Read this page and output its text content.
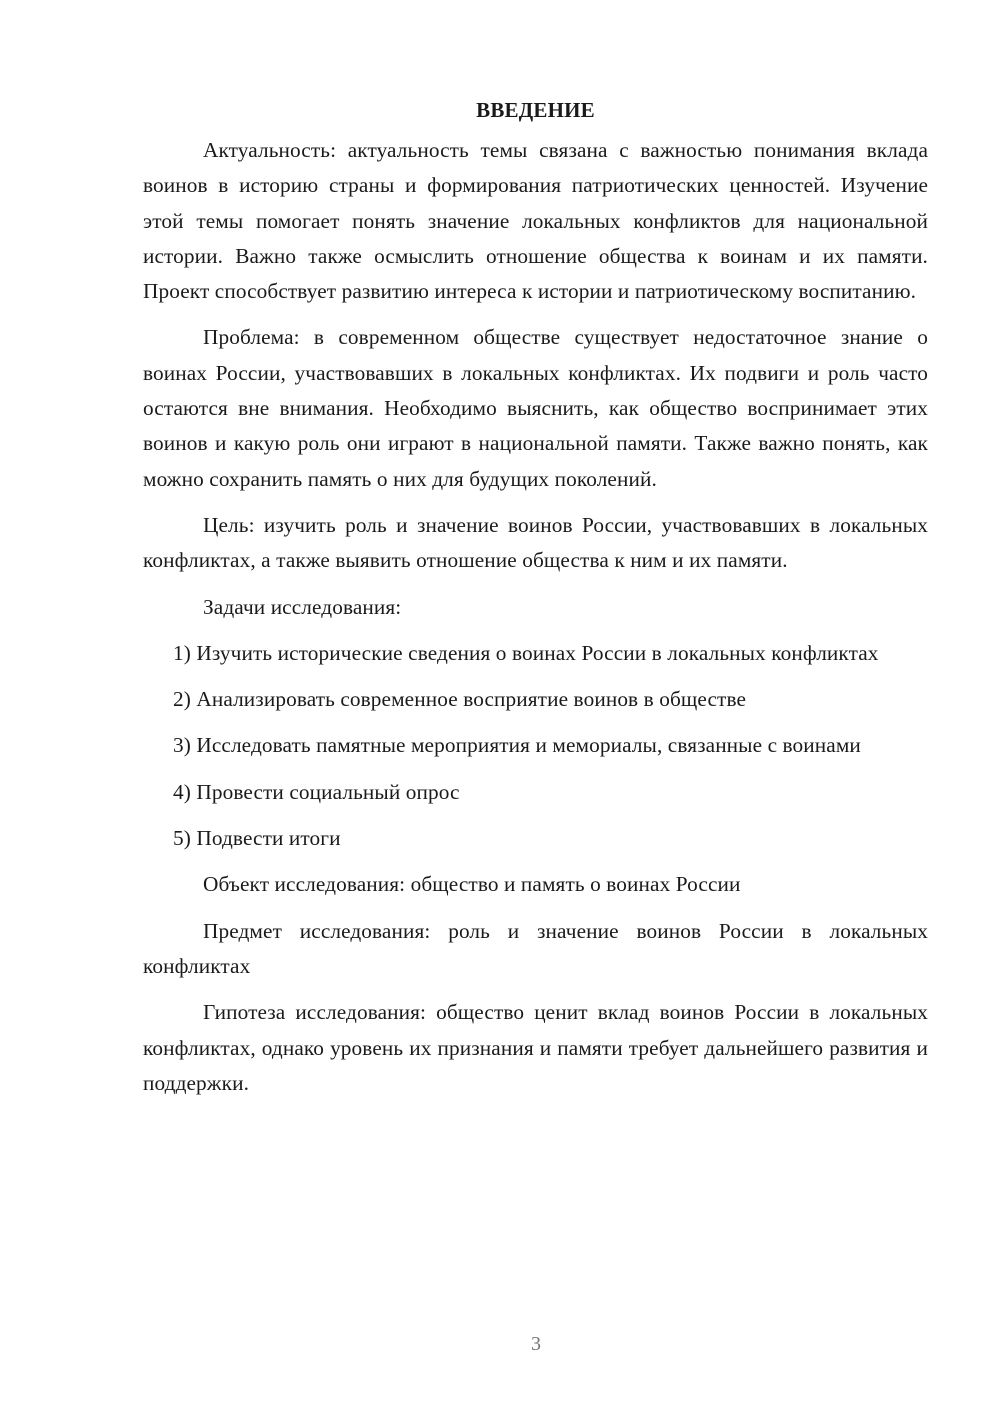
ВВЕДЕНИЕ

Актуальность: актуальность темы связана с важностью понимания вклада воинов в историю страны и формирования патриотических ценностей. Изучение этой темы помогает понять значение локальных конфликтов для национальной истории. Важно также осмыслить отношение общества к воинам и их памяти. Проект способствует развитию интереса к истории и патриотическому воспитанию.

Проблема: в современном обществе существует недостаточное знание о воинах России, участвовавших в локальных конфликтах. Их подвиги и роль часто остаются вне внимания. Необходимо выяснить, как общество воспринимает этих воинов и какую роль они играют в национальной памяти. Также важно понять, как можно сохранить память о них для будущих поколений.

Цель: изучить роль и значение воинов России, участвовавших в локальных конфликтах, а также выявить отношение общества к ним и их памяти.

Задачи исследования:

1) Изучить исторические сведения о воинах России в локальных конфликтах

2) Анализировать современное восприятие воинов в обществе

3) Исследовать памятные мероприятия и мемориалы, связанные с воинами

4) Провести социальный опрос

5) Подвести итоги

Объект исследования: общество и память о воинах России

Предмет исследования: роль и значение воинов России в локальных конфликтах

Гипотеза исследования: общество ценит вклад воинов России в локальных конфликтах, однако уровень их признания и памяти требует дальнейшего развития и поддержки.

3
